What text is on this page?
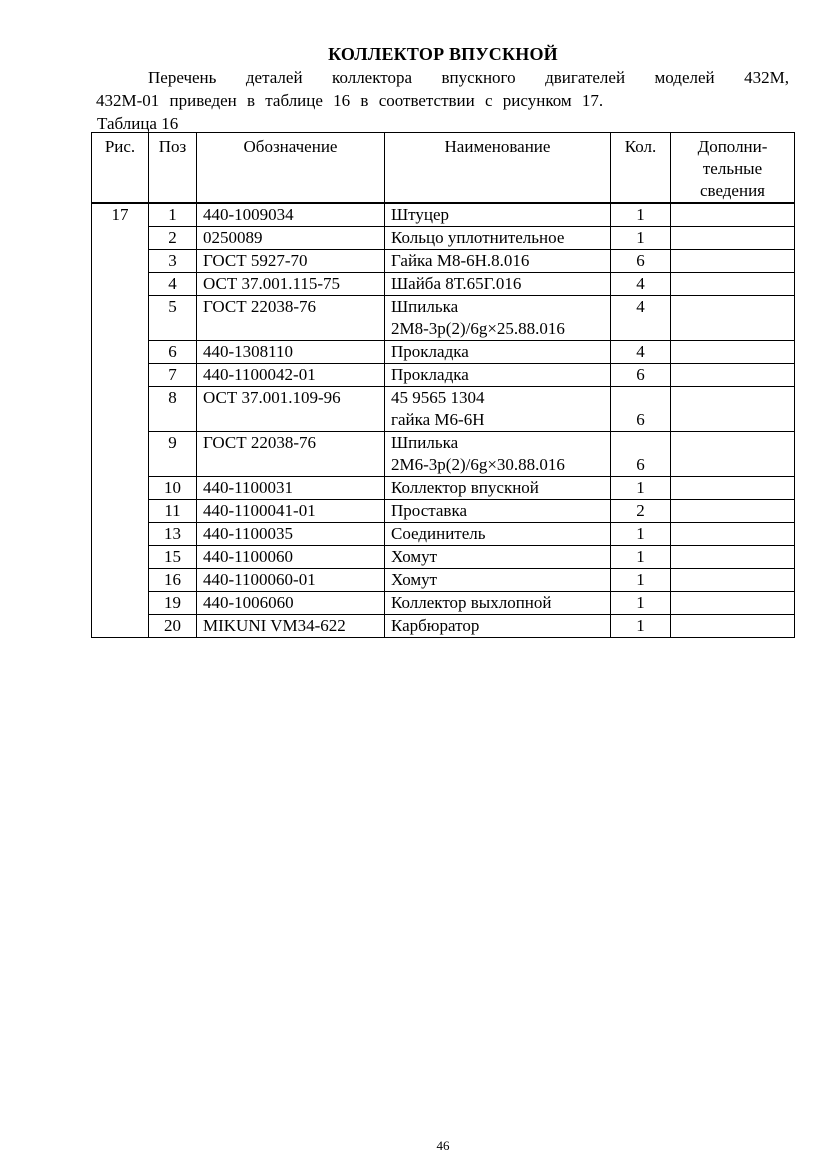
КОЛЛЕКТОР ВПУСКНОЙ
Перечень деталей коллектора впускного двигателей моделей 432М,
432М-01 приведен в таблице 16 в соответствии с рисунком 17.
Таблица 16
Рис.	Поз	Обозначение	Наименование	Кол.	Дополни- тельные сведения
17	1	440-1009034	Штуцер	1	
	2	0250089	Кольцо уплотнительное	1	
	3	ГОСТ 5927-70	Гайка М8-6Н.8.016	6	
	4	ОСТ 37.001.115-75	Шайба 8Т.65Г.016	4	
	5	ГОСТ 22038-76	Шпилька
2М8-3р(2)/6g×25.88.016	4	
	6	440-1308110	Прокладка	4	
	7	440-1100042-01	Прокладка	6	
	8	ОСТ 37.001.109-96	45 9565 1304
гайка М6-6Н	6	
	9	ГОСТ 22038-76	Шпилька
2М6-3р(2)/6g×30.88.016	6	
	10	440-1100031	Коллектор впускной	1	
	11	440-1100041-01	Проставка	2	
	13	440-1100035	Соединитель	1	
	15	440-1100060	Хомут	1	
	16	440-1100060-01	Хомут	1	
	19	440-1006060	Коллектор выхлопной	1	
	20	MIKUNI VM34-622	Карбюратор	1	
46
